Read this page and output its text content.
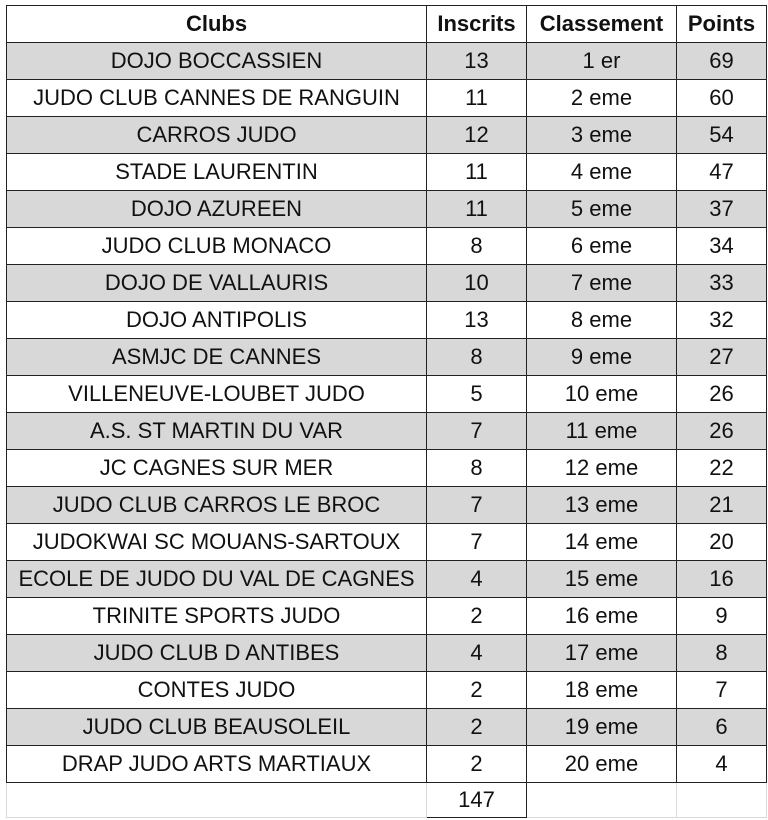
Clubs	Inscrits	Classement	Points
DOJO BOCCASSIEN	13	1 er	69
JUDO CLUB CANNES DE RANGUIN	11	2 eme	60
CARROS JUDO	12	3 eme	54
STADE LAURENTIN	11	4 eme	47
DOJO AZUREEN	11	5 eme	37
JUDO CLUB MONACO	8	6 eme	34
DOJO DE VALLAURIS	10	7 eme	33
DOJO ANTIPOLIS	13	8 eme	32
ASMJC DE CANNES	8	9 eme	27
VILLENEUVE-LOUBET JUDO	5	10 eme	26
A.S. ST MARTIN DU VAR	7	11 eme	26
JC CAGNES SUR MER	8	12 eme	22
JUDO CLUB CARROS LE BROC	7	13 eme	21
JUDOKWAI SC MOUANS-SARTOUX	7	14 eme	20
ECOLE DE JUDO DU VAL DE CAGNES	4	15 eme	16
TRINITE SPORTS JUDO	2	16 eme	9
JUDO CLUB D ANTIBES	4	17 eme	8
CONTES JUDO	2	18 eme	7
JUDO CLUB BEAUSOLEIL	2	19 eme	6
DRAP JUDO ARTS MARTIAUX	2	20 eme	4
	147		
